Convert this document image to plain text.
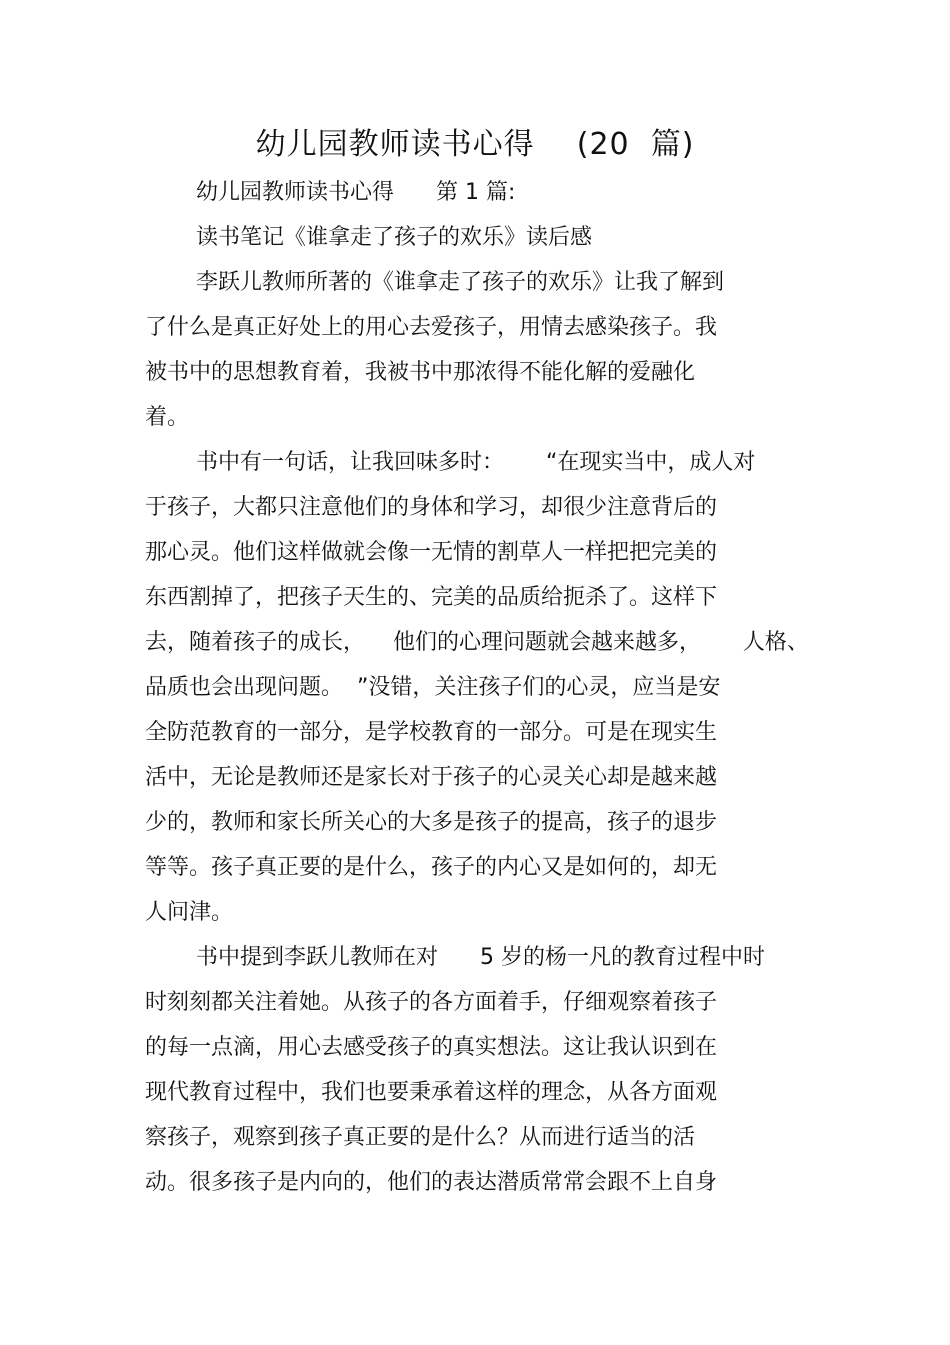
幼儿园教师读书心得    (20  篇)
幼儿园教师读书心得      第 1 篇:
读书笔记《谁拿走了孩子的欢乐》读后感
李跃儿教师所著的《谁拿走了孩子的欢乐》让我了解到
了什么是真正好处上的用心去爱孩子，用情去感染孩子。我
被书中的思想教育着，我被书中那浓得不能化解的爱融化
着。
书中有一句话，让我回味多时：      “在现实当中，成人对
于孩子，大都只注意他们的身体和学习，却很少注意背后的
那心灵。他们这样做就会像一无情的割草人一样把把完美的
东西割掉了，把孩子天生的、完美的品质给扼杀了。这样下
去，随着孩子的成长，    他们的心理问题就会越来越多，      人格、
品质也会出现问题。  ”没错，关注孩子们的心灵，应当是安
全防范教育的一部分，是学校教育的一部分。可是在现实生
活中，无论是教师还是家长对于孩子的心灵关心却是越来越
少的，教师和家长所关心的大多是孩子的提高，孩子的退步
等等。孩子真正要的是什么，孩子的内心又是如何的，却无
人问津。
书中提到李跃儿教师在对      5 岁的杨一凡的教育过程中时
时刻刻都关注着她。从孩子的各方面着手，仔细观察着孩子
的每一点滴，用心去感受孩子的真实想法。这让我认识到在
现代教育过程中，我们也要秉承着这样的理念，从各方面观
察孩子，观察到孩子真正要的是什么？从而进行适当的活
动。很多孩子是内向的，他们的表达潜质常常会跟不上自身
